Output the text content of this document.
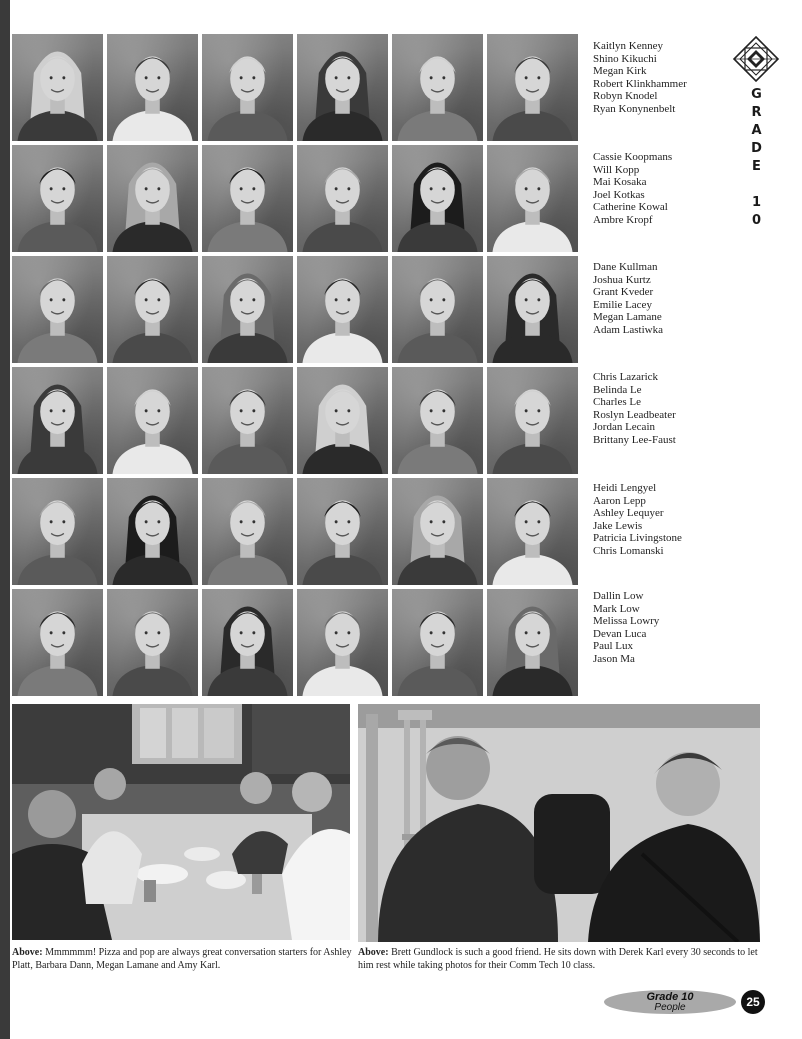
Kaitlyn Kenney
Shino Kikuchi
Megan Kirk
Robert Klinkhammer
Robyn Knodel
Ryan Konynenbelt
Cassie Koopmans
Will Kopp
Mai Kosaka
Joel Kotkas
Catherine Kowal
Ambre Kropf
Dane Kullman
Joshua Kurtz
Grant Kveder
Emilie Lacey
Megan Lamane
Adam Lastiwka
Chris Lazarick
Belinda Le
Charles Le
Roslyn Leadbeater
Jordan Lecain
Brittany Lee-Faust
Heidi Lengyel
Aaron Lepp
Ashley Lequyer
Jake Lewis
Patricia Livingstone
Chris Lomanski
Dallin Low
Mark Low
Melissa Lowry
Devan Luca
Paul Lux
Jason Ma
G
R
A
D
E
1
0
Above: Mmmmmm! Pizza and pop are always great conversation starters for Ashley Platt, Barbara Dann, Megan Lamane and Amy Karl.
Above: Brett Gundlock is such a good friend. He sits down with Derek Karl every 30 seconds to let him rest while taking photos for their Comm Tech 10 class.
Grade 10
People	25
